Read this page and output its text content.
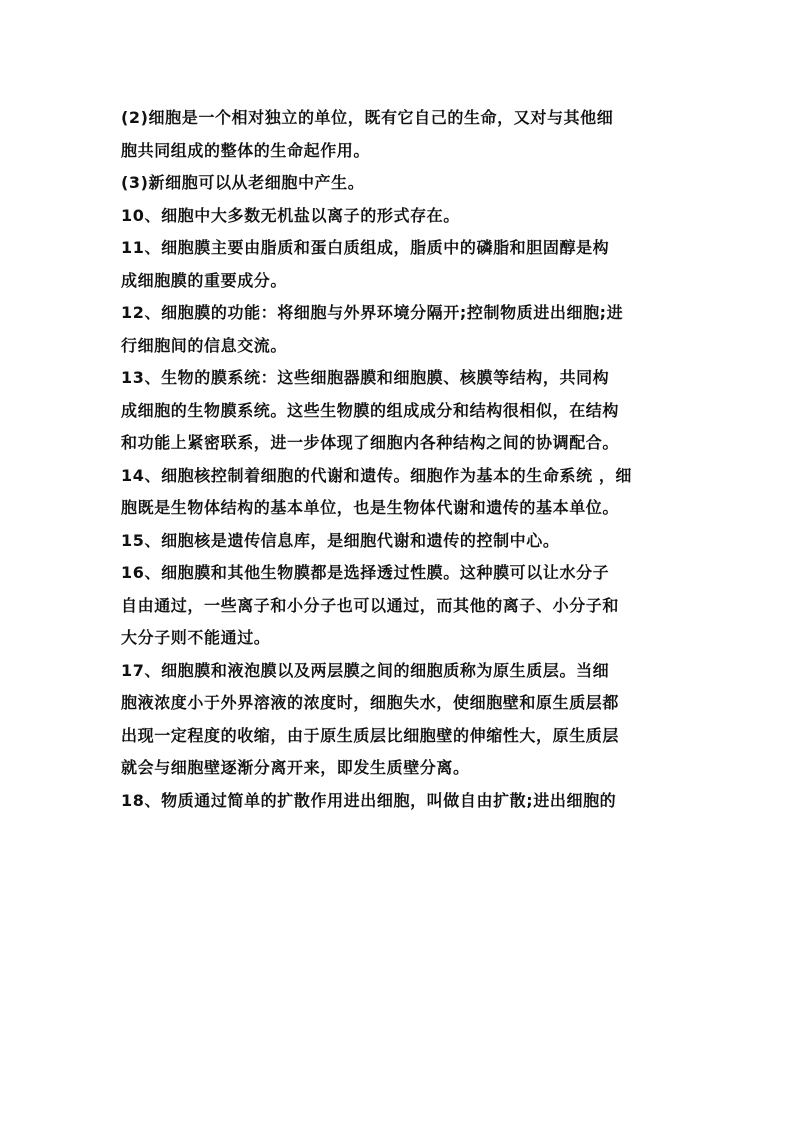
(2)细胞是一个相对独立的单位，既有它自己的生命，又对与其他细
胞共同组成的整体的生命起作用。
(3)新细胞可以从老细胞中产生。
10、细胞中大多数无机盐以离子的形式存在。
11、细胞膜主要由脂质和蛋白质组成，脂质中的磷脂和胆固醇是构
成细胞膜的重要成分。
12、细胞膜的功能：将细胞与外界环境分隔开;控制物质进出细胞;进
行细胞间的信息交流。
13、生物的膜系统：这些细胞器膜和细胞膜、核膜等结构，共同构
成细胞的生物膜系统。这些生物膜的组成成分和结构很相似，在结构
和功能上紧密联系，进一步体现了细胞内各种结构之间的协调配合。
14、细胞核控制着细胞的代谢和遗传。细胞作为基本的生命系统 ，细
胞既是生物体结构的基本单位，也是生物体代谢和遗传的基本单位。
15、细胞核是遗传信息库，是细胞代谢和遗传的控制中心。
16、细胞膜和其他生物膜都是选择透过性膜。这种膜可以让水分子
自由通过，一些离子和小分子也可以通过，而其他的离子、小分子和
大分子则不能通过。
17、细胞膜和液泡膜以及两层膜之间的细胞质称为原生质层。当细
胞液浓度小于外界溶液的浓度时，细胞失水，使细胞壁和原生质层都
出现一定程度的收缩，由于原生质层比细胞壁的伸缩性大，原生质层
就会与细胞壁逐渐分离开来，即发生质壁分离。
18、物质通过简单的扩散作用进出细胞，叫做自由扩散;进出细胞的
